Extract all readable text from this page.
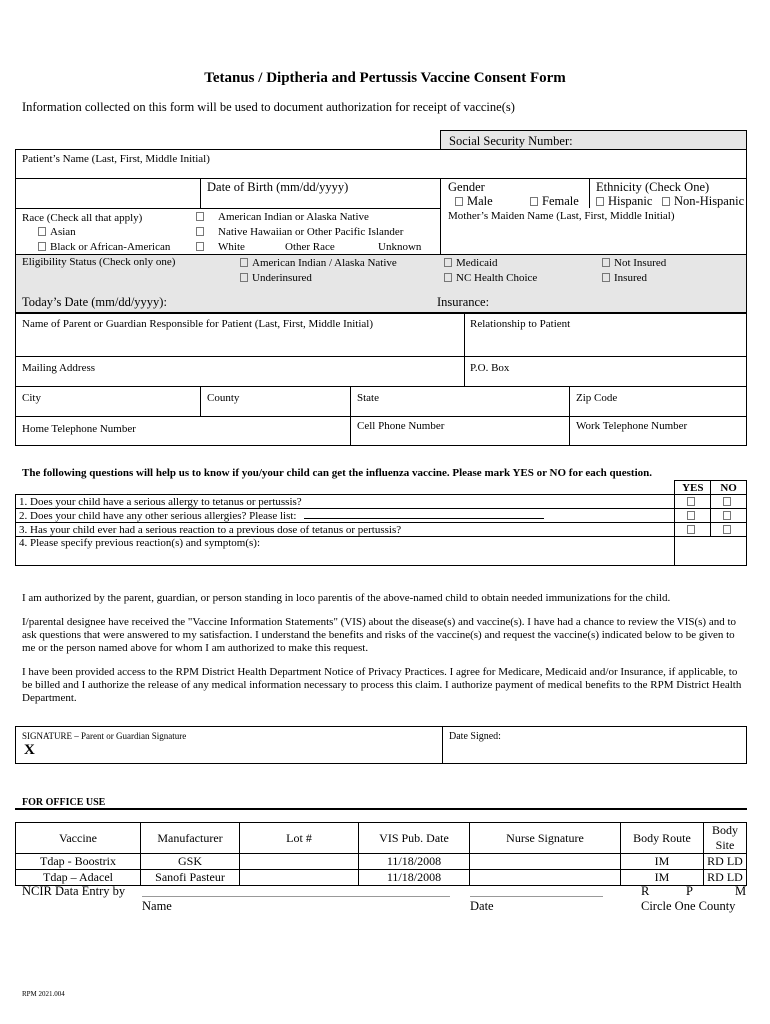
Tetanus / Diptheria and Pertussis Vaccine Consent Form
Information collected on this form will be used to document authorization for receipt of vaccine(s)
Social Security Number:
Patient’s Name (Last, First, Middle Initial)
Date of Birth (mm/dd/yyyy)	Gender
Male	Female
Ethnicity (Check One)
Hispanic	Non-Hispanic
Race (Check all that apply)
Asian
Black or African-American
American Indian or Alaska Native
Native Hawaiian or Other Pacific Islander
White	Other Race	Unknown
Mother’s Maiden Name (Last, First, Middle Initial)
Eligibility Status (Check only one)	American Indian / Alaska Native
Underinsured
Medicaid
NC Health Choice
Not Insured
Insured
Today’s Date (mm/dd/yyyy):	Insurance:
Name of Parent or Guardian Responsible for Patient (Last, First, Middle Initial)	Relationship to Patient
Mailing Address	P.O. Box
City	County	State	Zip Code
Home Telephone Number	Cell Phone Number	Work Telephone Number
The following questions will help us to know if you/your child can get the influenza vaccine. Please mark YES or NO for each question.
	YES	NO
1. Does your child have a serious allergy to tetanus or pertussis?		
2. Does your child have any other serious allergies? Please list:		
3. Has your child ever had a serious reaction to a previous dose of tetanus or pertussis?		
4. Please specify previous reaction(s) and symptom(s):		
I am authorized by the parent, guardian, or person standing in loco parentis of the above-named child to obtain needed immunizations for the child.
I/parental designee have received the "Vaccine Information Statements" (VIS) about the disease(s) and vaccine(s). I have had a chance to review the VIS(s) and to ask questions that were answered to my satisfaction. I understand the benefits and risks of the vaccine(s) and request the vaccine(s) indicated below to be given to me or the person named above for whom I am authorized to make this request.
I have been provided access to the RPM District Health Department Notice of Privacy Practices. I agree for Medicare, Medicaid and/or Insurance, if applicable, to be billed and I authorize the release of any medical information necessary to process this claim. I authorize payment of medical benefits to the RPM District Health Department.
SIGNATURE – Parent or Guardian Signature
X
Date Signed:
FOR OFFICE USE
Vaccine	Manufacturer	Lot #	VIS Pub. Date	Nurse Signature	Body Route	Body Site
Tdap - Boostrix	GSK		11/18/2008		IM	RD LD
Tdap – Adacel	Sanofi Pasteur		11/18/2008		IM	RD LD
NCIR Data Entry by
Name	Date
R	P	M
Circle One County
RPM 2021.004
